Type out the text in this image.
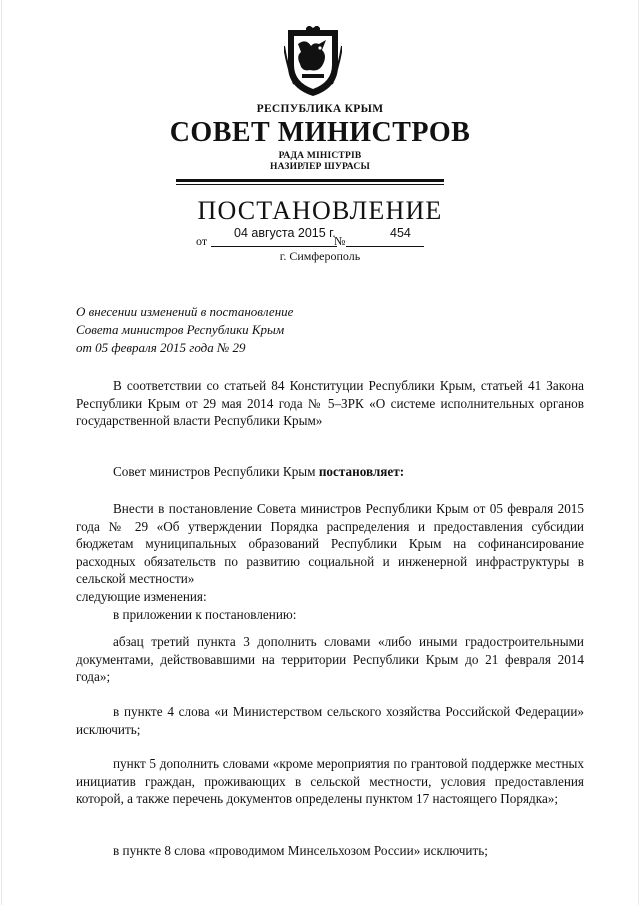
РЕСПУБЛИКА КРЫМ
СОВЕТ МИНИСТРОВ
РАДА МІНІСТРІВ
НАЗИРЛЕР ШУРАСЫ
ПОСТАНОВЛЕНИЕ
от
04 августа 2015 г.
№
454
г. Симферополь
О внесении изменений в постановление
Совета министров Республики Крым
от 05 февраля 2015 года № 29

В соответствии со статьей 84 Конституции Республики Крым, статьей 41 Закона Республики Крым от 29 мая 2014 года № 5–ЗРК «О системе исполнительных органов государственной власти Республики Крым»

Совет министров Республики Крым постановляет:

Внести в постановление Совета министров Республики Крым от 05 февраля 2015 года № 29 «Об утверждении Порядка распределения и предоставления субсидии бюджетам муниципальных образований Республики Крым на софинансирование расходных обязательств по развитию социальной и инженерной инфраструктуры в сельской местности»

следующие изменения:

в приложении к постановлению:

абзац третий пункта 3 дополнить словами «либо иными градостроительными документами, действовавшими на территории Республики Крым до 21 февраля 2014 года»;

в пункте 4 слова «и Министерством сельского хозяйства Российской Федерации» исключить;

пункт 5 дополнить словами «кроме мероприятия по грантовой поддержке местных инициатив граждан, проживающих в сельской местности, условия предоставления которой, а также перечень документов определены пунктом 17 настоящего Порядка»;

в пункте 8 слова «проводимом Минсельхозом России» исключить;
